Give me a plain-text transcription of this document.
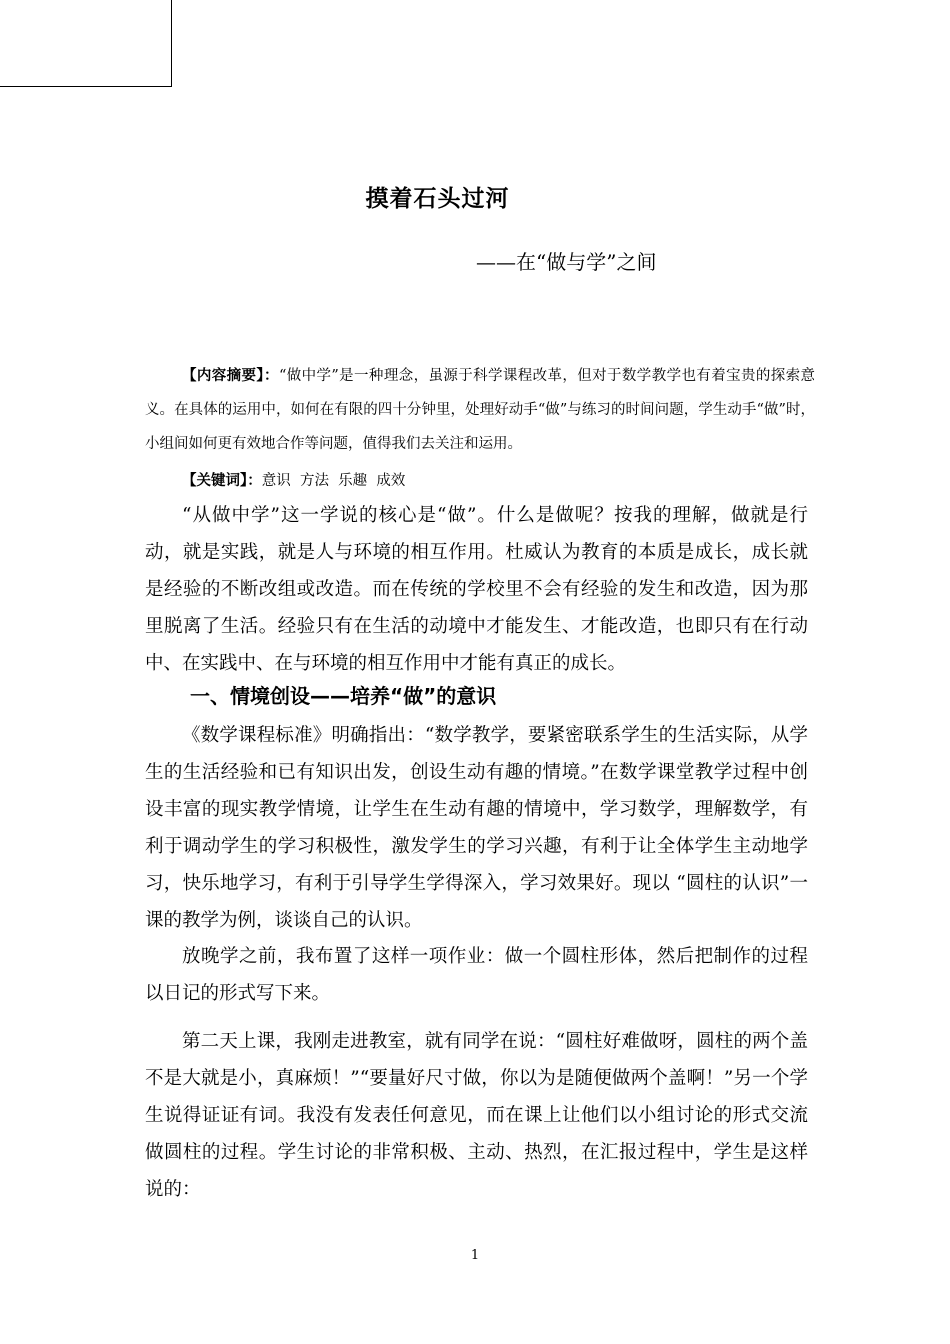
摸着石头过河

——在“做与学”之间

【内容摘要】：“做中学”是一种理念，虽源于科学课程改革，但对于数学教学也有着宝贵的探索意义。在具体的运用中，如何在有限的四十分钟里，处理好动手“做”与练习的时间问题，学生动手“做”时，小组间如何更有效地合作等问题，值得我们去关注和运用。

【关键词】：意识  方法  乐趣  成效

“从做中学”这一学说的核心是“做”。什么是做呢？按我的理解，做就是行动，就是实践，就是人与环境的相互作用。杜威认为教育的本质是成长，成长就是经验的不断改组或改造。而在传统的学校里不会有经验的发生和改造，因为那里脱离了生活。经验只有在生活的动境中才能发生、才能改造，也即只有在行动中、在实践中、在与环境的相互作用中才能有真正的成长。

一、情境创设——培养“做”的意识

《数学课程标准》明确指出：“数学教学，要紧密联系学生的生活实际，从学生的生活经验和已有知识出发，创设生动有趣的情境。”在数学课堂教学过程中创设丰富的现实教学情境，让学生在生动有趣的情境中，学习数学，理解数学，有利于调动学生的学习积极性，激发学生的学习兴趣，有利于让全体学生主动地学习，快乐地学习，有利于引导学生学得深入，学习效果好。现以 “圆柱的认识”一课的教学为例，谈谈自己的认识。

放晚学之前，我布置了这样一项作业：做一个圆柱形体，然后把制作的过程以日记的形式写下来。

第二天上课，我刚走进教室，就有同学在说：“圆柱好难做呀，圆柱的两个盖不是大就是小，真麻烦！”“要量好尺寸做，你以为是随便做两个盖啊！”另一个学生说得证证有词。我没有发表任何意见，而在课上让他们以小组讨论的形式交流做圆柱的过程。学生讨论的非常积极、主动、热烈，在汇报过程中，学生是这样说的：

1
